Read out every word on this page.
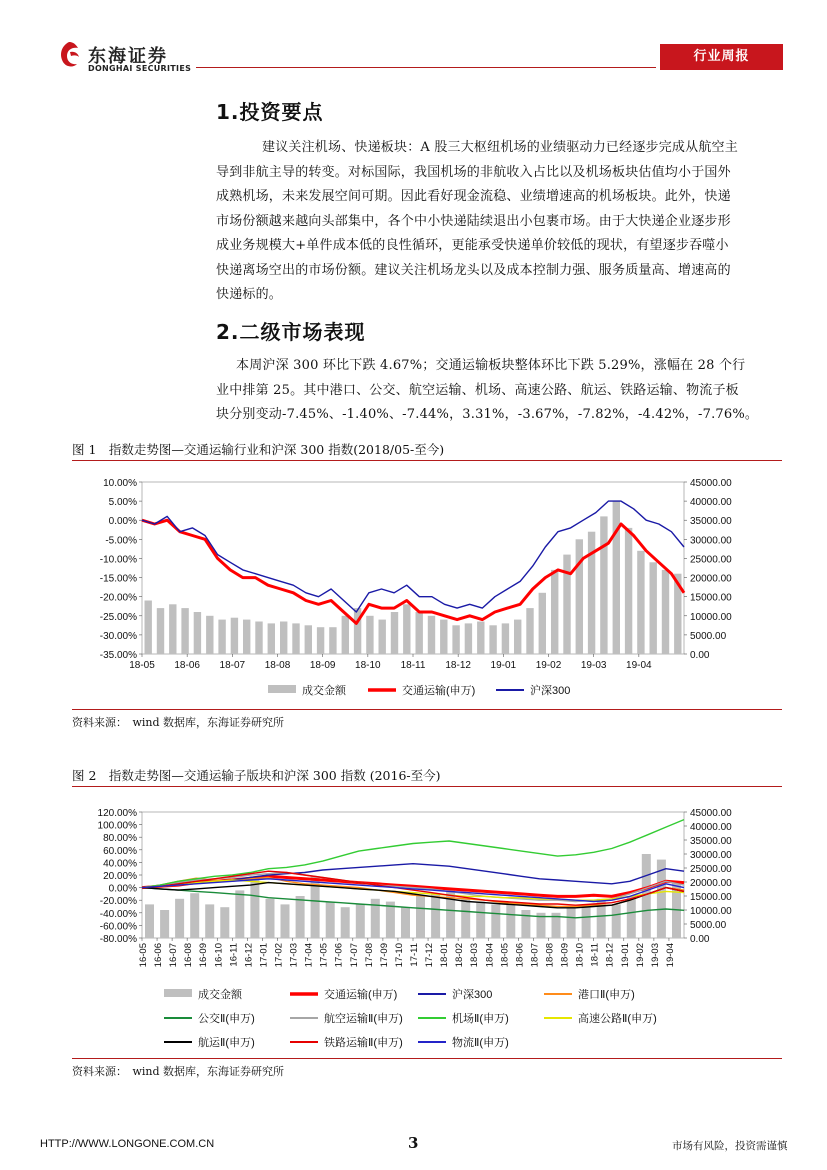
东海证券
DONGHAI SECURITIES
行业周报
1.投资要点
建议关注机场、快递板块：A 股三大枢纽机场的业绩驱动力已经逐步完成从航空主
导到非航主导的转变。对标国际，我国机场的非航收入占比以及机场板块估值均小于国外
成熟机场，未来发展空间可期。因此看好现金流稳、业绩增速高的机场板块。此外，快递
市场份额越来越向头部集中，各个中小快递陆续退出小包裹市场。由于大快递企业逐步形
成业务规模大+单件成本低的良性循环，更能承受快递单价较低的现状，有望逐步吞噬小
快递离场空出的市场份额。建议关注机场龙头以及成本控制力强、服务质量高、增速高的
快递标的。
2.二级市场表现
本周沪深 300 环比下跌 4.67%；交通运输板块整体环比下跌 5.29%，涨幅在 28 个行
业中排第 25。其中港口、公交、航空运输、机场、高速公路、航运、铁路运输、物流子板
块分别变动-7.45%、-1.40%、-7.44%，3.31%，-3.67%，-7.82%，-4.42%，-7.76%。
图 1　指数走势图—交通运输行业和沪深 300 指数(2018/05-至今)
10.00%
5.00%
0.00%
-5.00%
-10.00%
-15.00%
-20.00%
-25.00%
-30.00%
-35.00%
45000.00
40000.00
35000.00
30000.00
25000.00
20000.00
15000.00
10000.00
5000.00
0.00
18-05 18-06 18-07 18-08 18-09 18-10 18-11 18-12 19-01 19-02 19-03 19-04
成交金额	交通运输(申万)	沪深300
资料来源：　wind 数据库，东海证券研究所
图 2　指数走势图—交通运输子版块和沪深 300 指数 (2016-至今)
120.00%
100.00%
80.00%
60.00%
40.00%
20.00%
0.00%
-20.00%
-40.00%
-60.00%
-80.00%
45000.00
40000.00
35000.00
30000.00
25000.00
20000.00
15000.00
10000.00
5000.00
0.00
16-05 16-06 16-07 16-08 16-09 16-10 16-11 16-12 17-01 17-02 17-03 17-04 17-05 17-06 17-07 17-08 17-09 17-10 17-11 17-12 18-01 18-02 18-03 18-04 18-05 18-06 18-07 18-08 18-09 18-10 18-11 18-12 19-01 19-02 19-03 19-04
成交金额	交通运输(申万)	沪深300	港口Ⅱ(申万)
公交Ⅱ(申万)	航空运输Ⅱ(申万)	机场Ⅱ(申万)	高速公路Ⅱ(申万)
航运Ⅱ(申万)	铁路运输Ⅱ(申万)	物流Ⅱ(申万)
资料来源：　wind 数据库，东海证券研究所
HTTP://WWW.LONGONE.COM.CN	3	市场有风险，投资需谨慎
